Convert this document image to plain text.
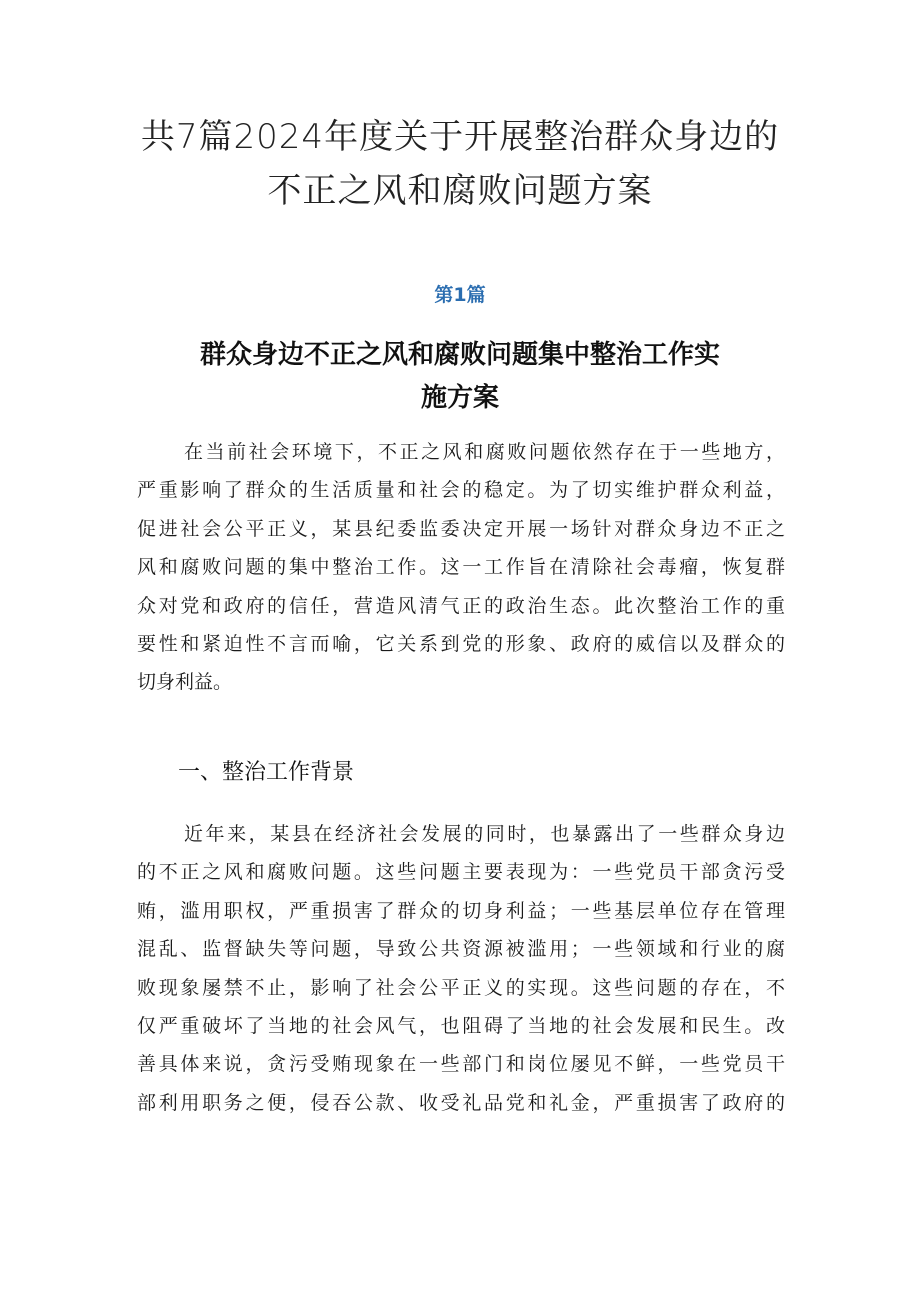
共7篇2024年度关于开展整治群众身边的
不正之风和腐败问题方案
第1篇
群众身边不正之风和腐败问题集中整治工作实
施方案
在当前社会环境下，不正之风和腐败问题依然存在于一些地方，
严重影响了群众的生活质量和社会的稳定。为了切实维护群众利益，
促进社会公平正义，某县纪委监委决定开展一场针对群众身边不正之
风和腐败问题的集中整治工作。这一工作旨在清除社会毒瘤，恢复群
众对党和政府的信任，营造风清气正的政治生态。此次整治工作的重
要性和紧迫性不言而喻，它关系到党的形象、政府的威信以及群众的
切身利益。
一、整治工作背景
近年来，某县在经济社会发展的同时，也暴露出了一些群众身边
的不正之风和腐败问题。这些问题主要表现为：一些党员干部贪污受
贿，滥用职权，严重损害了群众的切身利益；一些基层单位存在管理
混乱、监督缺失等问题，导致公共资源被滥用；一些领域和行业的腐
败现象屡禁不止，影响了社会公平正义的实现。这些问题的存在，不
仅严重破坏了当地的社会风气，也阻碍了当地的社会发展和民生。改
善具体来说，贪污受贿现象在一些部门和岗位屡见不鲜，一些党员干
部利用职务之便，侵吞公款、收受礼品党和礼金，严重损害了政府的
